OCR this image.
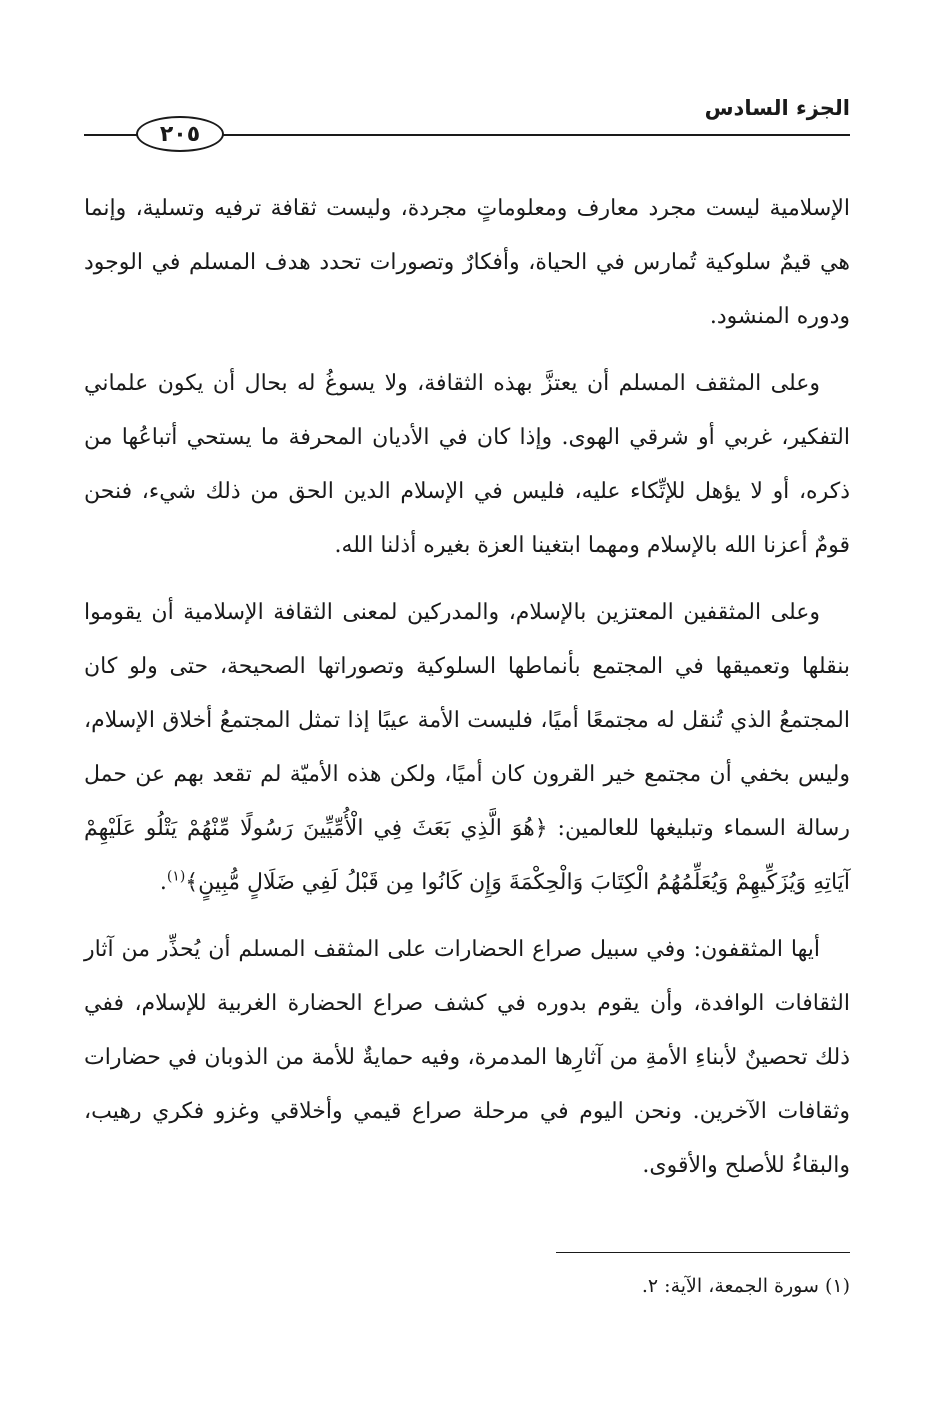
الجزء السادس
٢٠٥

الإسلامية ليست مجرد معارف ومعلوماتٍ مجردة، وليست ثقافة ترفيه وتسلية، وإنما هي قيمٌ سلوكية تُمارس في الحياة، وأفكارٌ وتصورات تحدد هدف المسلم في الوجود ودوره المنشود.

وعلى المثقف المسلم أن يعتزَّ بهذه الثقافة، ولا يسوغُ له بحال أن يكون علماني التفكير، غربي أو شرقي الهوى. وإذا كان في الأديان المحرفة ما يستحي أتباعُها من ذكره، أو لا يؤهل للإتِّكاء عليه، فليس في الإسلام الدين الحق من ذلك شيء، فنحن قومٌ أعزنا الله بالإسلام ومهما ابتغينا العزة بغيره أذلنا الله.

وعلى المثقفين المعتزين بالإسلام، والمدركين لمعنى الثقافة الإسلامية أن يقوموا بنقلها وتعميقها في المجتمع بأنماطها السلوكية وتصوراتها الصحيحة، حتى ولو كان المجتمعُ الذي تُنقل له مجتمعًا أميًا، فليست الأمة عيبًا إذا تمثل المجتمعُ أخلاق الإسلام، وليس بخفي أن مجتمع خير القرون كان أميًا، ولكن هذه الأميّة لم تقعد بهم عن حمل رسالة السماء وتبليغها للعالمين: ﴿هُوَ الَّذِي بَعَثَ فِي الْأُمِّيِّينَ رَسُولًا مِّنْهُمْ يَتْلُو عَلَيْهِمْ آيَاتِهِ وَيُزَكِّيهِمْ وَيُعَلِّمُهُمُ الْكِتَابَ وَالْحِكْمَةَ وَإِن كَانُوا مِن قَبْلُ لَفِي ضَلَالٍ مُّبِينٍ﴾$^{(١)}$.

أيها المثقفون: وفي سبيل صراع الحضارات على المثقف المسلم أن يُحذِّر من آثار الثقافات الوافدة، وأن يقوم بدوره في كشف صراع الحضارة الغربية للإسلام، ففي ذلك تحصينٌ لأبناءِ الأمةِ من آثارِها المدمرة، وفيه حمايةٌ للأمة من الذوبان في حضارات وثقافات الآخرين. ونحن اليوم في مرحلة صراع قيمي وأخلاقي وغزو فكري رهيب، والبقاءُ للأصلح والأقوى.

(١) سورة الجمعة، الآية: ٢.
